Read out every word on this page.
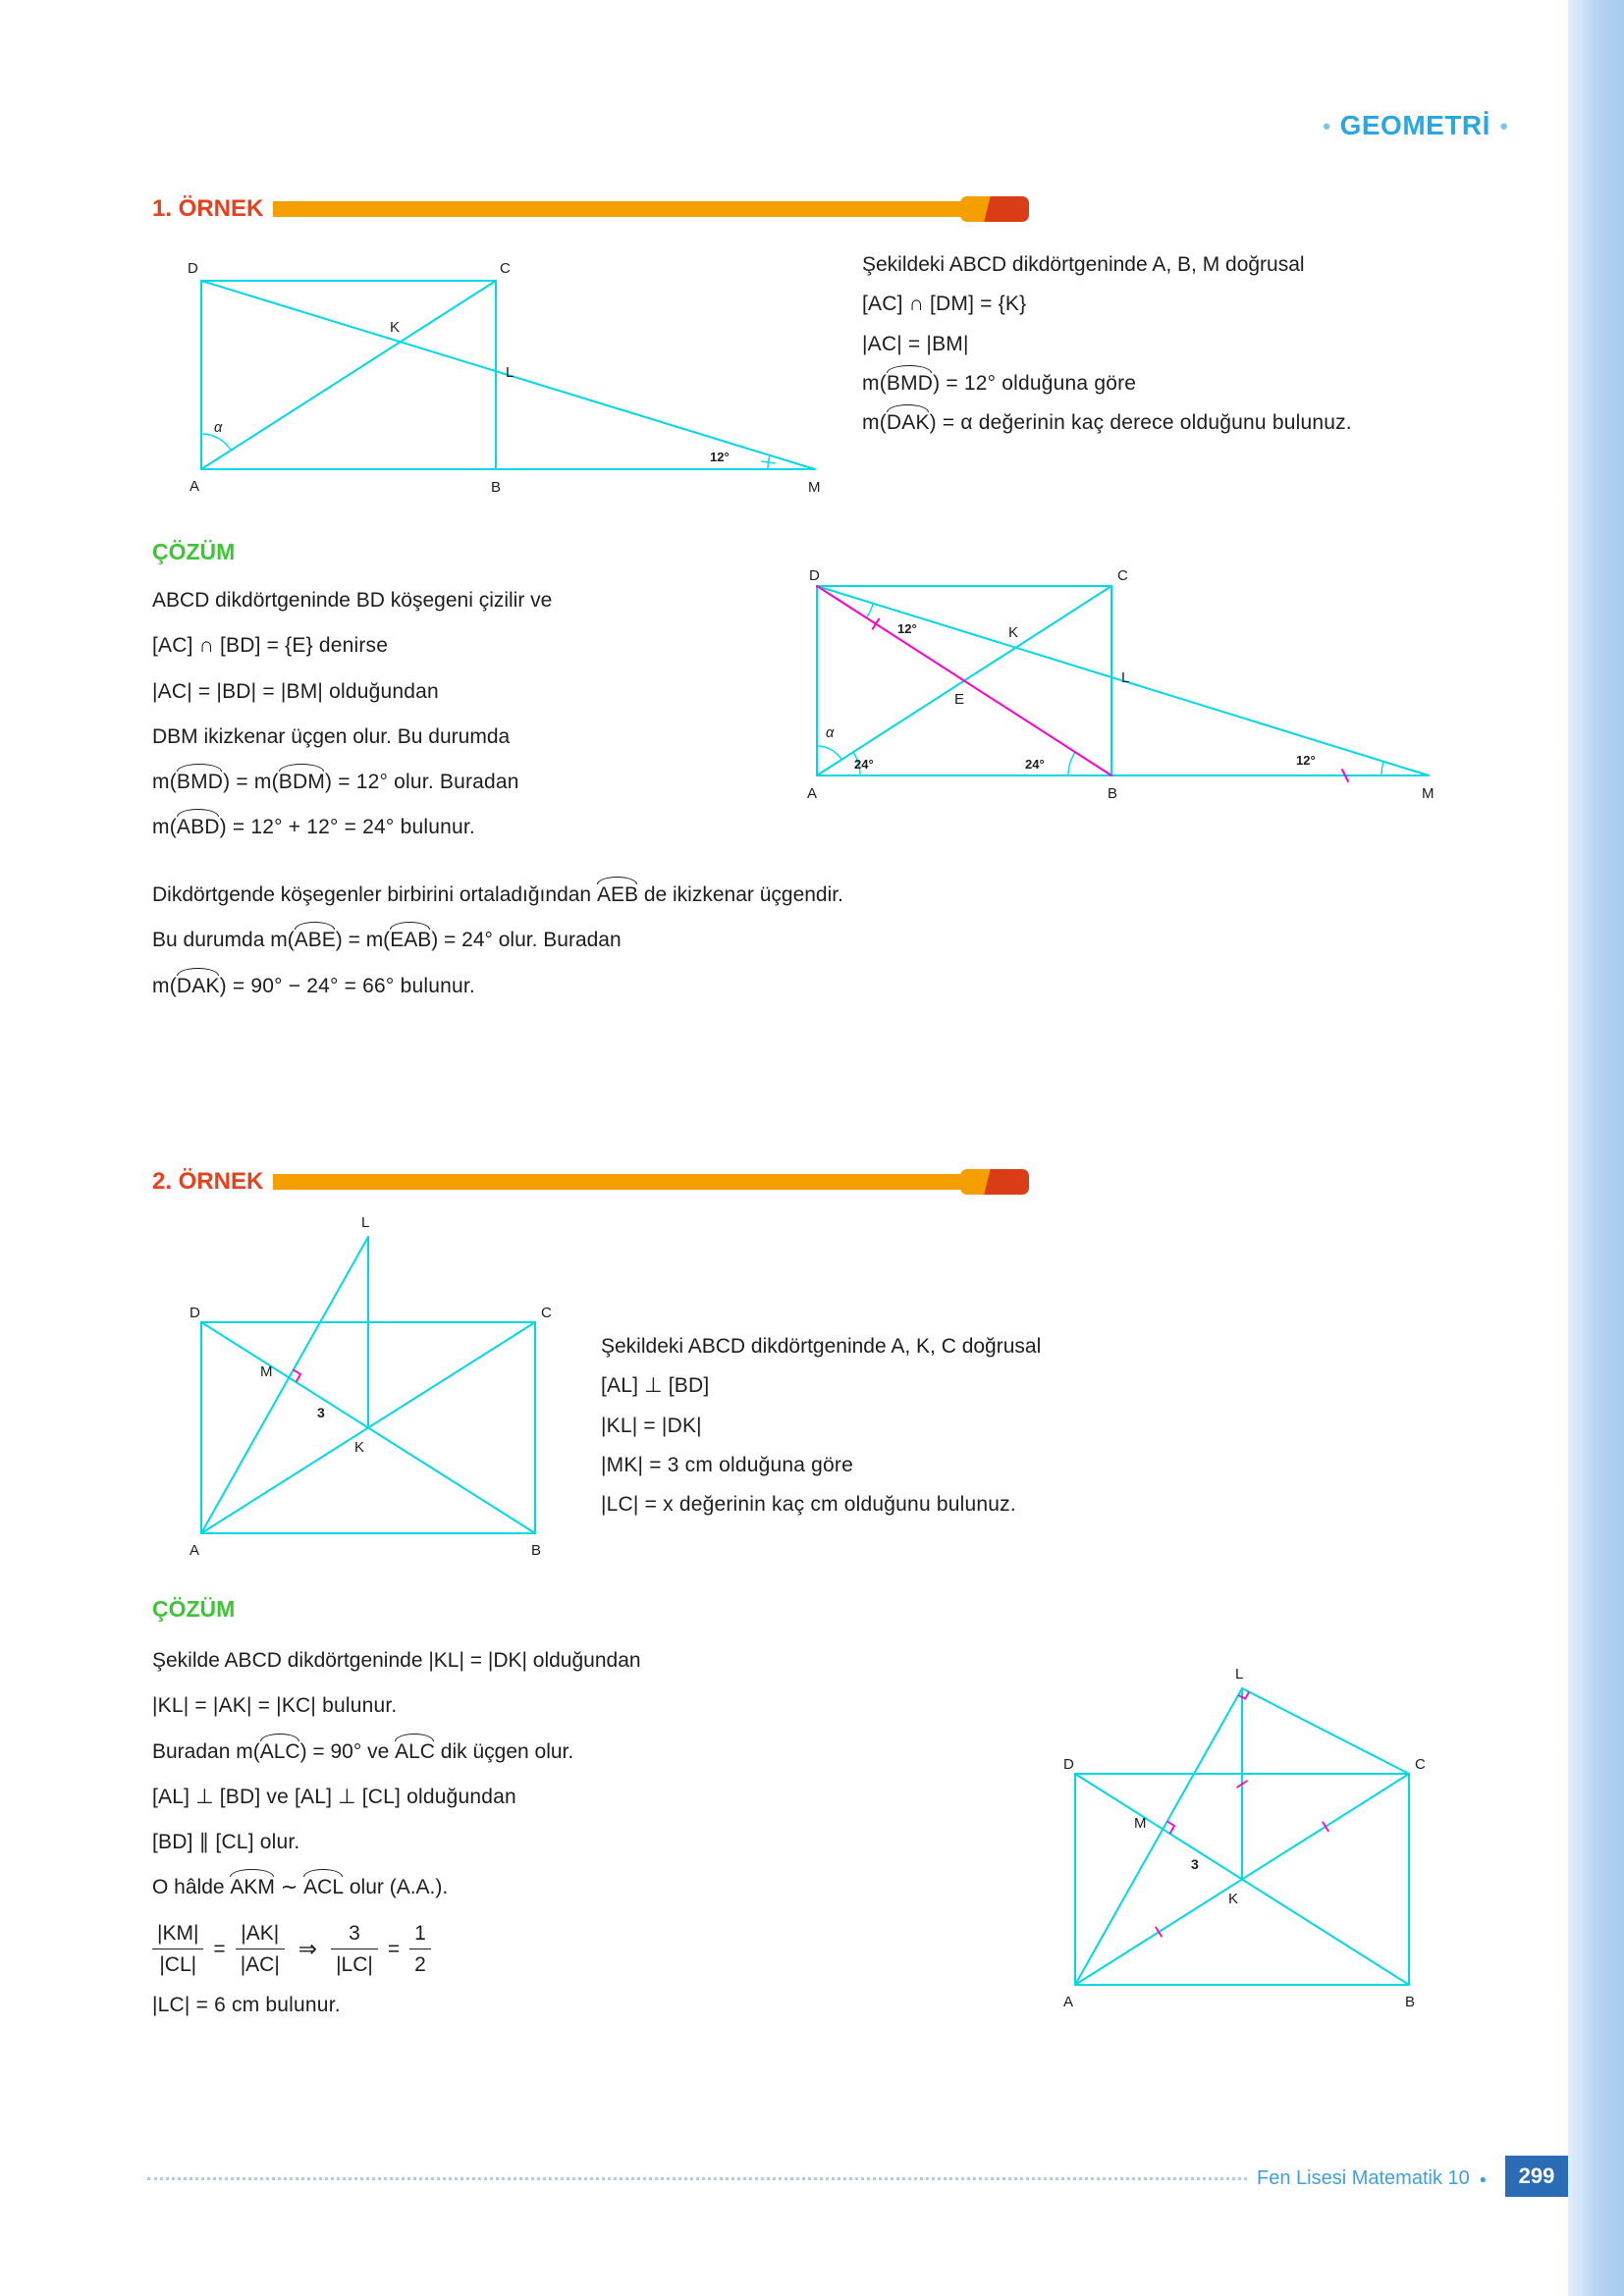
● GEOMETRİ ●
1. ÖRNEK
D	C
K
L
A	B	M
α
12°

Şekildeki ABCD dikdörtgeninde A, B, M doğrusal

[AC] ∩ [DM] = {K}

|AC| = |BM|

m(BMD) = 12° olduğuna göre

m(DAK) = α değerinin kaç derece olduğunu bulunuz.

ÇÖZÜM

ABCD dikdörtgeninde BD köşegeni çizilir ve

[AC] ∩ [BD] = {E} denirse

|AC| = |BD| = |BM| olduğundan

DBM ikizkenar üçgen olur. Bu durumda

m(BMD) = m(BDM) = 12° olur. Buradan

m(ABD) = 12° + 12° = 24° bulunur.

D	C
K
L
E
A	B	M
α
12°
24°	24°	12°

Dikdörtgende köşegenler birbirini ortaladığından AEB de ikizkenar üçgendir.

Bu durumda m(ABE) = m(EAB) = 24° olur. Buradan

m(DAK) = 90° − 24° = 66° bulunur.

2. ÖRNEK
L
D	C
M
K
A	B
3

Şekildeki ABCD dikdörtgeninde A, K, C doğrusal

[AL] ⊥ [BD]

|KL| = |DK|

|MK| = 3 cm olduğuna göre

|LC| = x değerinin kaç cm olduğunu bulunuz.

ÇÖZÜM

Şekilde ABCD dikdörtgeninde |KL| = |DK| olduğundan

|KL| = |AK| = |KC| bulunur.

Buradan m(ALC) = 90° ve ALC dik üçgen olur.

[AL] ⊥ [BD] ve [AL] ⊥ [CL] olduğundan

[BD] ∥ [CL] olur.

O hâlde AKM ∼ ACL olur (A.A.).

$\frac{|KM|}{|CL|} = \frac{|AK|}{|AC|}$ ⇒ $\frac{3}{|LC|} = \frac{1}{2}$

|LC| = 6 cm bulunur.

L
D	C
M
K
A	B
3
Fen Lisesi Matematik 10 ●	299
